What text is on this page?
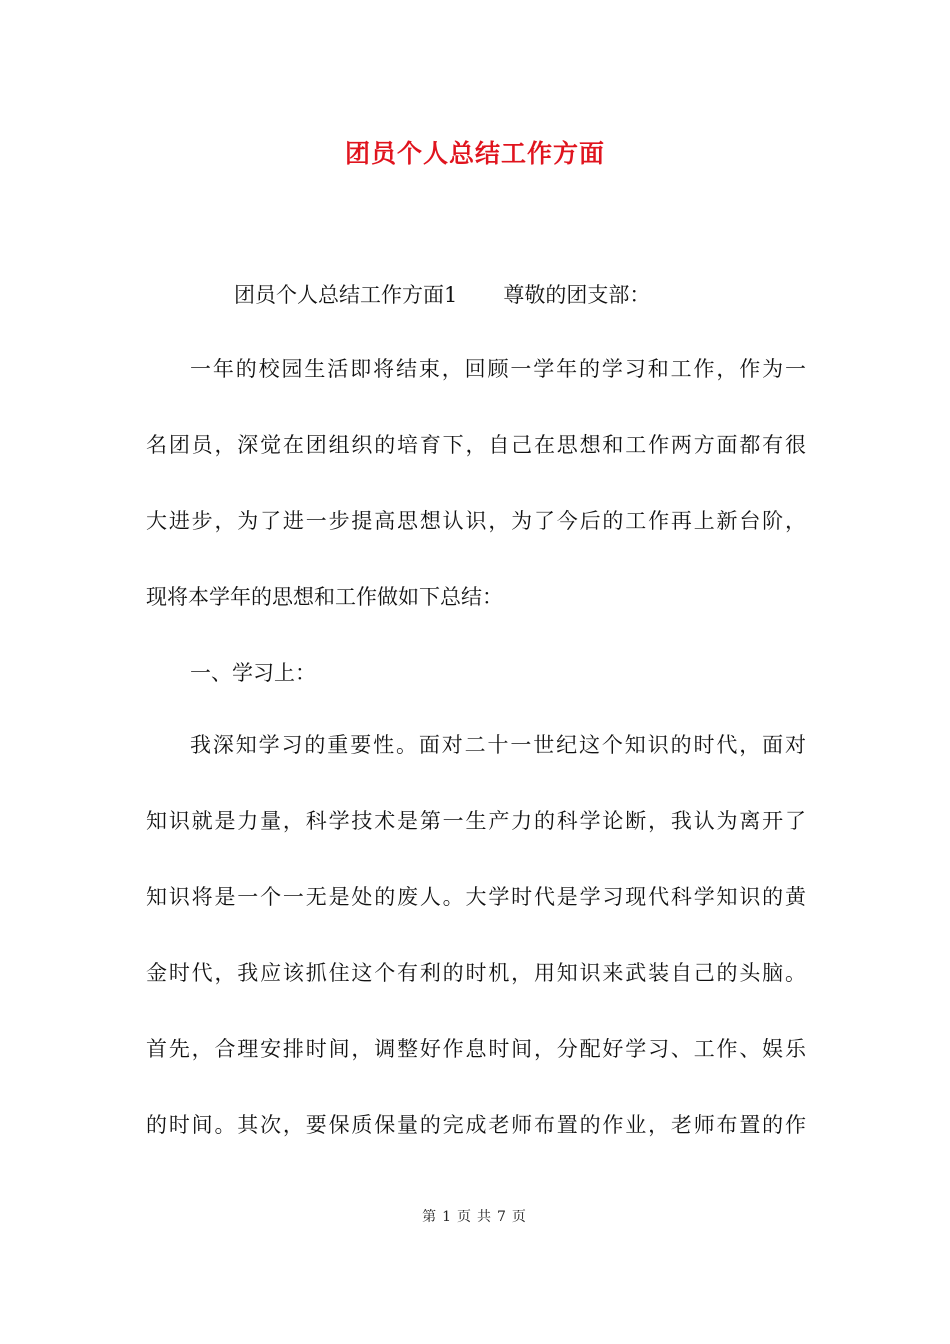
团员个人总结工作方面
团员个人总结工作方面1 尊敬的团支部：
一年的校园生活即将结束，回顾一学年的学习和工作，作为一
名团员，深觉在团组织的培育下，自己在思想和工作两方面都有很
大进步，为了进一步提高思想认识，为了今后的工作再上新台阶，
现将本学年的思想和工作做如下总结：
一、学习上：
我深知学习的重要性。面对二十一世纪这个知识的时代，面对
知识就是力量，科学技术是第一生产力的科学论断，我认为离开了
知识将是一个一无是处的废人。大学时代是学习现代科学知识的黄
金时代，我应该抓住这个有利的时机，用知识来武装自己的头脑。
首先，合理安排时间，调整好作息时间，分配好学习、工作、娱乐
的时间。其次，要保质保量的完成老师布置的作业，老师布置的作
第 1 页 共 7 页
